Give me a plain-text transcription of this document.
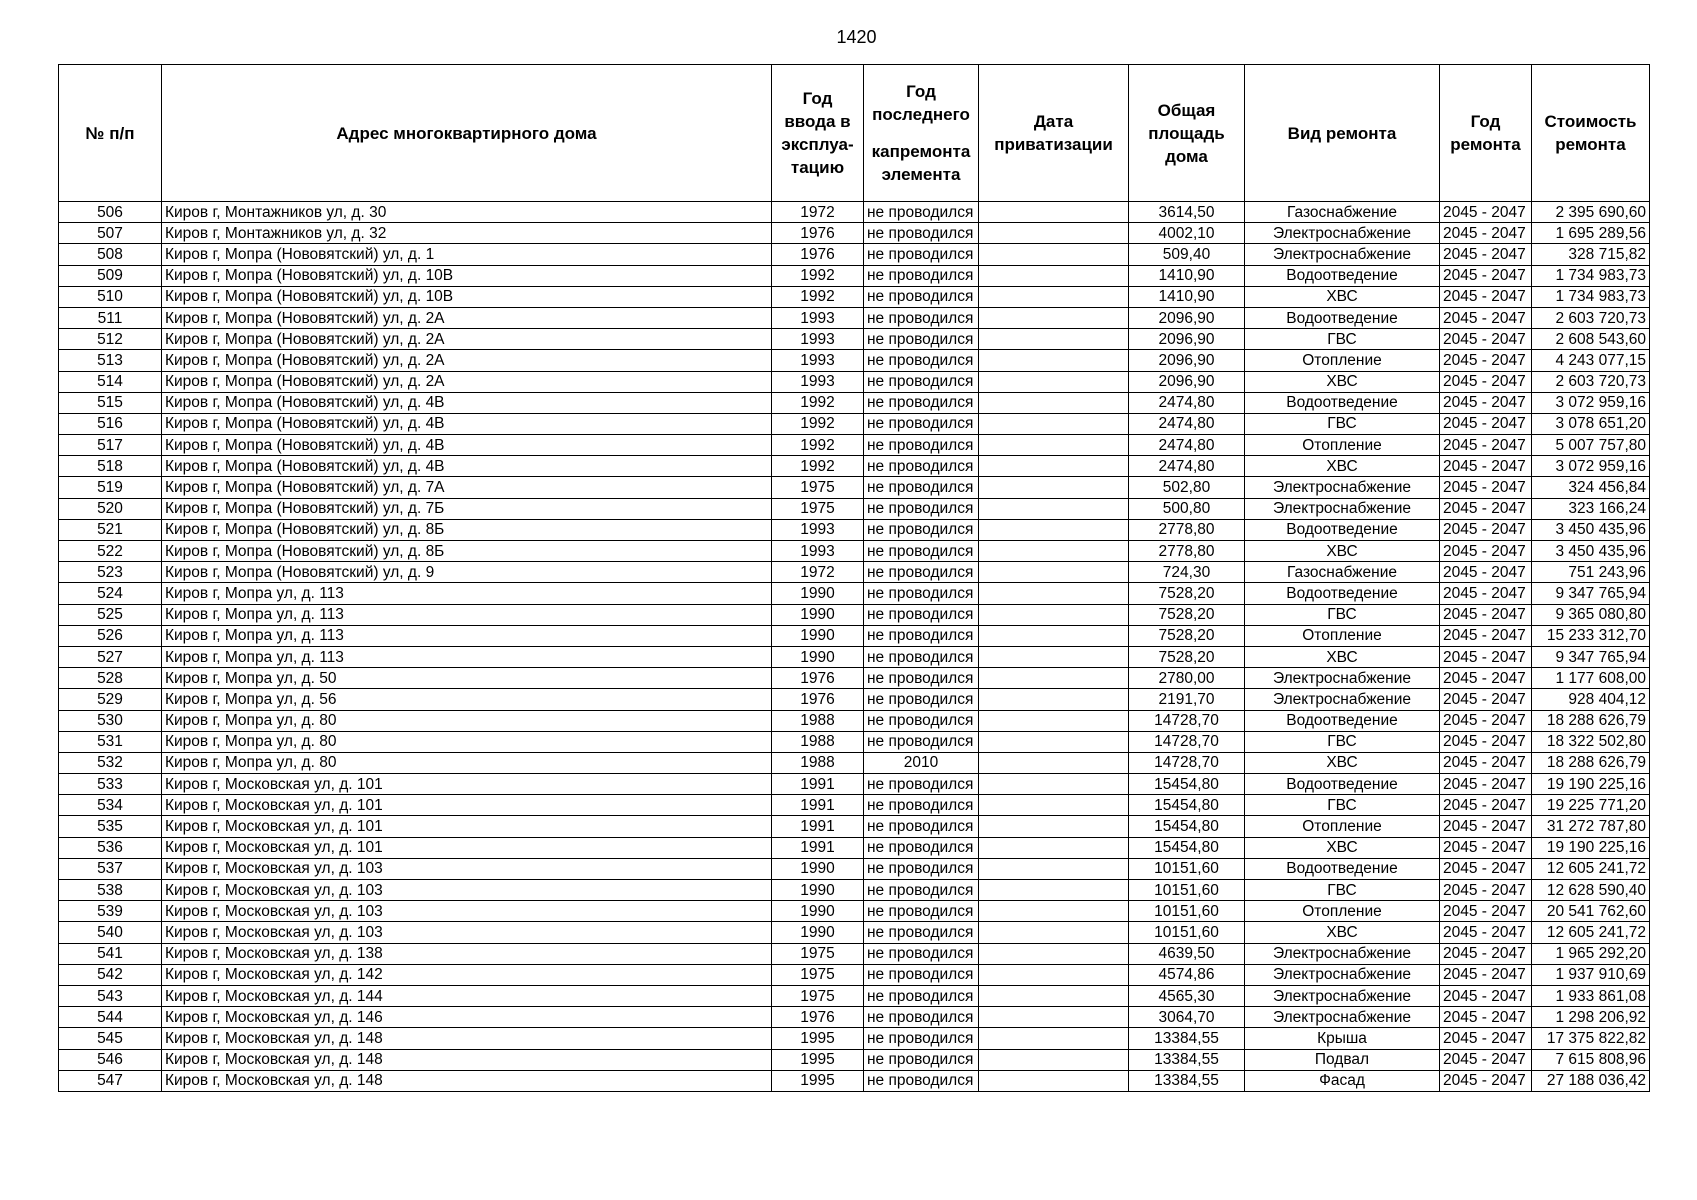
1420
№ п/п	Адрес многоквартирного дома	Год ввода в эксплуа-тацию	Год последнего
капремонта элемента	Дата приватизации	Общая площадь дома	Вид ремонта	Год ремонта	Стоимость ремонта
506	Киров г, Монтажников ул, д. 30	1972	не проводился		3614,50	Газоснабжение	2045 - 2047	2 395 690,60
507	Киров г, Монтажников ул, д. 32	1976	не проводился		4002,10	Электроснабжение	2045 - 2047	1 695 289,56
508	Киров г, Мопра (Нововятский) ул, д. 1	1976	не проводился		509,40	Электроснабжение	2045 - 2047	328 715,82
509	Киров г, Мопра (Нововятский) ул, д. 10В	1992	не проводился		1410,90	Водоотведение	2045 - 2047	1 734 983,73
510	Киров г, Мопра (Нововятский) ул, д. 10В	1992	не проводился		1410,90	ХВС	2045 - 2047	1 734 983,73
511	Киров г, Мопра (Нововятский) ул, д. 2А	1993	не проводился		2096,90	Водоотведение	2045 - 2047	2 603 720,73
512	Киров г, Мопра (Нововятский) ул, д. 2А	1993	не проводился		2096,90	ГВС	2045 - 2047	2 608 543,60
513	Киров г, Мопра (Нововятский) ул, д. 2А	1993	не проводился		2096,90	Отопление	2045 - 2047	4 243 077,15
514	Киров г, Мопра (Нововятский) ул, д. 2А	1993	не проводился		2096,90	ХВС	2045 - 2047	2 603 720,73
515	Киров г, Мопра (Нововятский) ул, д. 4В	1992	не проводился		2474,80	Водоотведение	2045 - 2047	3 072 959,16
516	Киров г, Мопра (Нововятский) ул, д. 4В	1992	не проводился		2474,80	ГВС	2045 - 2047	3 078 651,20
517	Киров г, Мопра (Нововятский) ул, д. 4В	1992	не проводился		2474,80	Отопление	2045 - 2047	5 007 757,80
518	Киров г, Мопра (Нововятский) ул, д. 4В	1992	не проводился		2474,80	ХВС	2045 - 2047	3 072 959,16
519	Киров г, Мопра (Нововятский) ул, д. 7А	1975	не проводился		502,80	Электроснабжение	2045 - 2047	324 456,84
520	Киров г, Мопра (Нововятский) ул, д. 7Б	1975	не проводился		500,80	Электроснабжение	2045 - 2047	323 166,24
521	Киров г, Мопра (Нововятский) ул, д. 8Б	1993	не проводился		2778,80	Водоотведение	2045 - 2047	3 450 435,96
522	Киров г, Мопра (Нововятский) ул, д. 8Б	1993	не проводился		2778,80	ХВС	2045 - 2047	3 450 435,96
523	Киров г, Мопра (Нововятский) ул, д. 9	1972	не проводился		724,30	Газоснабжение	2045 - 2047	751 243,96
524	Киров г, Мопра ул, д. 113	1990	не проводился		7528,20	Водоотведение	2045 - 2047	9 347 765,94
525	Киров г, Мопра ул, д. 113	1990	не проводился		7528,20	ГВС	2045 - 2047	9 365 080,80
526	Киров г, Мопра ул, д. 113	1990	не проводился		7528,20	Отопление	2045 - 2047	15 233 312,70
527	Киров г, Мопра ул, д. 113	1990	не проводился		7528,20	ХВС	2045 - 2047	9 347 765,94
528	Киров г, Мопра ул, д. 50	1976	не проводился		2780,00	Электроснабжение	2045 - 2047	1 177 608,00
529	Киров г, Мопра ул, д. 56	1976	не проводился		2191,70	Электроснабжение	2045 - 2047	928 404,12
530	Киров г, Мопра ул, д. 80	1988	не проводился		14728,70	Водоотведение	2045 - 2047	18 288 626,79
531	Киров г, Мопра ул, д. 80	1988	не проводился		14728,70	ГВС	2045 - 2047	18 322 502,80
532	Киров г, Мопра ул, д. 80	1988	2010		14728,70	ХВС	2045 - 2047	18 288 626,79
533	Киров г, Московская ул, д. 101	1991	не проводился		15454,80	Водоотведение	2045 - 2047	19 190 225,16
534	Киров г, Московская ул, д. 101	1991	не проводился		15454,80	ГВС	2045 - 2047	19 225 771,20
535	Киров г, Московская ул, д. 101	1991	не проводился		15454,80	Отопление	2045 - 2047	31 272 787,80
536	Киров г, Московская ул, д. 101	1991	не проводился		15454,80	ХВС	2045 - 2047	19 190 225,16
537	Киров г, Московская ул, д. 103	1990	не проводился		10151,60	Водоотведение	2045 - 2047	12 605 241,72
538	Киров г, Московская ул, д. 103	1990	не проводился		10151,60	ГВС	2045 - 2047	12 628 590,40
539	Киров г, Московская ул, д. 103	1990	не проводился		10151,60	Отопление	2045 - 2047	20 541 762,60
540	Киров г, Московская ул, д. 103	1990	не проводился		10151,60	ХВС	2045 - 2047	12 605 241,72
541	Киров г, Московская ул, д. 138	1975	не проводился		4639,50	Электроснабжение	2045 - 2047	1 965 292,20
542	Киров г, Московская ул, д. 142	1975	не проводился		4574,86	Электроснабжение	2045 - 2047	1 937 910,69
543	Киров г, Московская ул, д. 144	1975	не проводился		4565,30	Электроснабжение	2045 - 2047	1 933 861,08
544	Киров г, Московская ул, д. 146	1976	не проводился		3064,70	Электроснабжение	2045 - 2047	1 298 206,92
545	Киров г, Московская ул, д. 148	1995	не проводился		13384,55	Крыша	2045 - 2047	17 375 822,82
546	Киров г, Московская ул, д. 148	1995	не проводился		13384,55	Подвал	2045 - 2047	7 615 808,96
547	Киров г, Московская ул, д. 148	1995	не проводился		13384,55	Фасад	2045 - 2047	27 188 036,42
